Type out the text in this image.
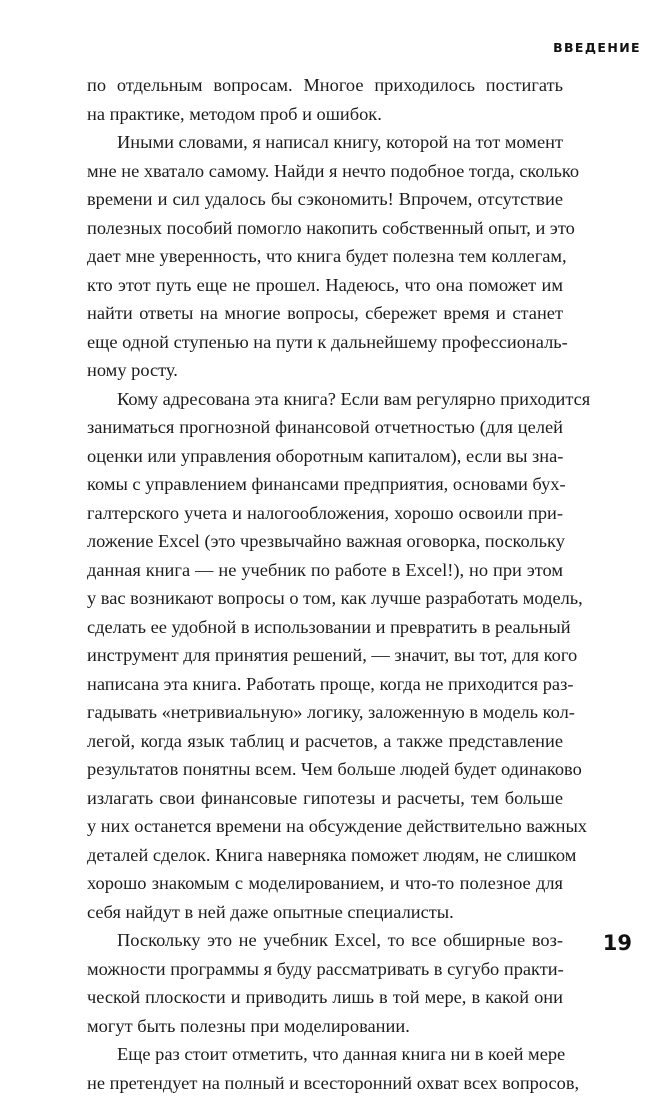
ВВЕДЕНИЕ
по отдельным вопросам. Многое приходилось постигать
на практике, методом проб и ошибок.
Иными словами, я написал книгу, которой на тот момент
мне не хватало самому. Найди я нечто подобное тогда, сколько
времени и сил удалось бы сэкономить! Впрочем, отсутствие
полезных пособий помогло накопить собственный опыт, и это
дает мне уверенность, что книга будет полезна тем коллегам,
кто этот путь еще не прошел. Надеюсь, что она поможет им
найти ответы на многие вопросы, сбережет время и станет
еще одной ступенью на пути к дальнейшему профессиональ-
ному росту.
Кому адресована эта книга? Если вам регулярно приходится
заниматься прогнозной финансовой отчетностью (для целей
оценки или управления оборотным капиталом), если вы зна-
комы с управлением финансами предприятия, основами бух-
галтерского учета и налогообложения, хорошо освоили при-
ложение Excel (это чрезвычайно важная оговорка, поскольку
данная книга — не учебник по работе в Excel!), но при этом
у вас возникают вопросы о том, как лучше разработать модель,
сделать ее удобной в использовании и превратить в реальный
инструмент для принятия решений, — значит, вы тот, для кого
написана эта книга. Работать проще, когда не приходится раз-
гадывать «нетривиальную» логику, заложенную в модель кол-
легой, когда язык таблиц и расчетов, а также представление
результатов понятны всем. Чем больше людей будет одинаково
излагать свои финансовые гипотезы и расчеты, тем больше
у них останется времени на обсуждение действительно важных
деталей сделок. Книга наверняка поможет людям, не слишком
хорошо знакомым с моделированием, и что-то полезное для
себя найдут в ней даже опытные специалисты.
Поскольку это не учебник Excel, то все обширные воз-
можности программы я буду рассматривать в сугубо практи-
ческой плоскости и приводить лишь в той мере, в какой они
могут быть полезны при моделировании.
Еще раз стоит отметить, что данная книга ни в коей мере
не претендует на полный и всесторонний охват всех вопросов,
19
